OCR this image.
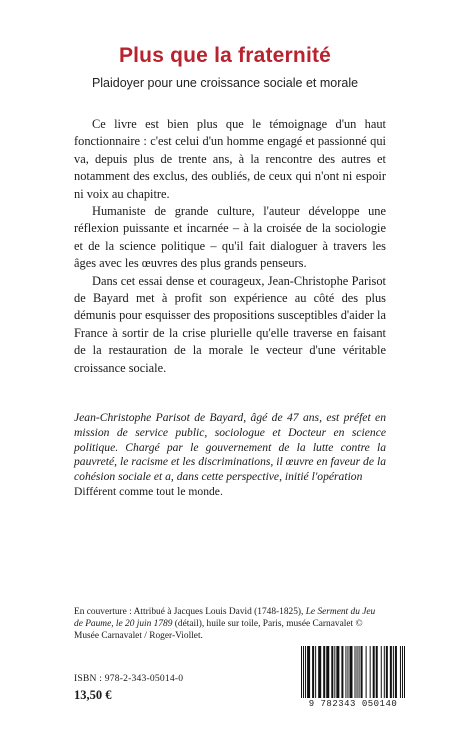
Plus que la fraternité
Plaidoyer pour une croissance sociale et morale

Ce livre est bien plus que le témoignage d'un haut fonctionnaire : c'est celui d'un homme engagé et passionné qui va, depuis plus de trente ans, à la rencontre des autres et notamment des exclus, des oubliés, de ceux qui n'ont ni espoir ni voix au chapitre.

Humaniste de grande culture, l'auteur développe une réflexion puissante et incarnée – à la croisée de la sociologie et de la science politique – qu'il fait dialoguer à travers les âges avec les œuvres des plus grands penseurs.

Dans cet essai dense et courageux, Jean-Christophe Parisot de Bayard met à profit son expérience au côté des plus démunis pour esquisser des propositions susceptibles d'aider la France à sortir de la crise plurielle qu'elle traverse en faisant de la restauration de la morale le vecteur d'une véritable croissance sociale.

Jean-Christophe Parisot de Bayard, âgé de 47 ans, est préfet en mission de service public, sociologue et Docteur en science politique. Chargé par le gouvernement de la lutte contre la pauvreté, le racisme et les discriminations, il œuvre en faveur de la cohésion sociale et a, dans cette perspective, initié l'opération
Différent comme tout le monde.
En couverture : Attribué à Jacques Louis David (1748-1825), Le Serment du Jeu de Paume, le 20 juin 1789 (détail), huile sur toile, Paris, musée Carnavalet © Musée Carnavalet / Roger-Viollet.
ISBN : 978-2-343-05014-0
13,50 €
9 782343 050140
